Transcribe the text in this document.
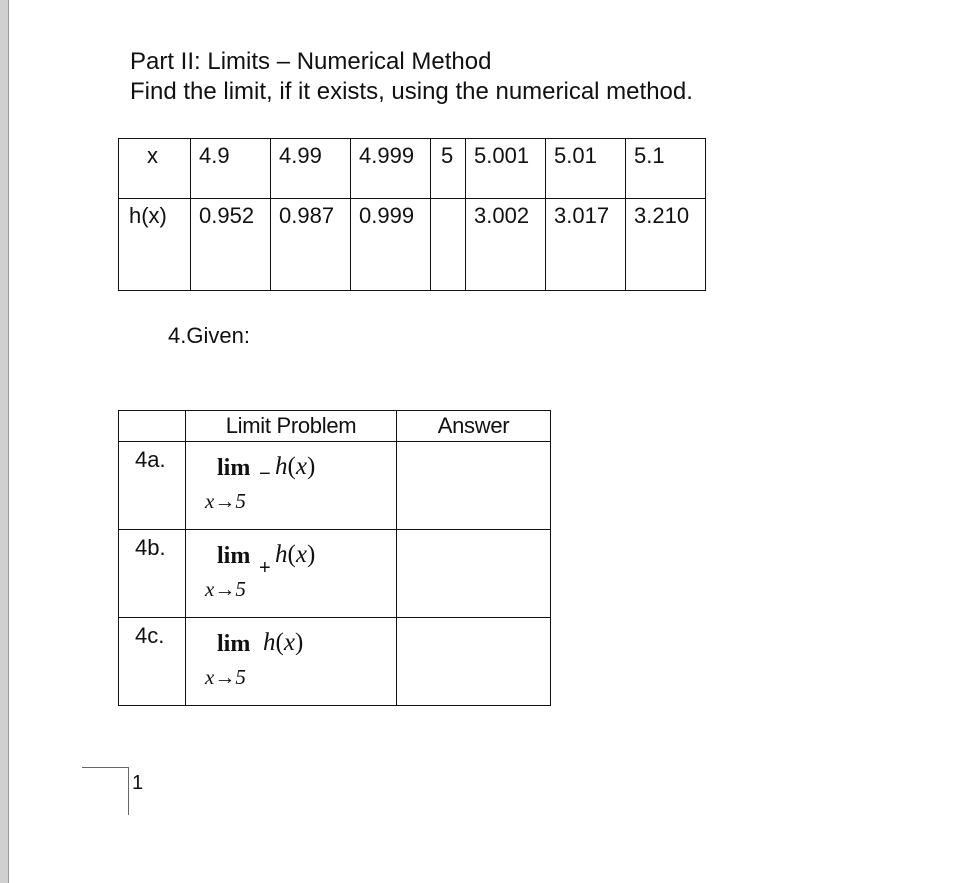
Part II: Limits – Numerical Method
Find the limit, if it exists, using the numerical method.
x	4.9	4.99	4.999	5	5.001	5.01	5.1
h(x)	0.952	0.987	0.999		3.002	3.017	3.210

4.Given:

	Limit Problem	Answer
4a.	lim − h(x)
x→5	

4b.	lim + h(x)
x→5	

4c.	lim h(x)
x→5	

1
